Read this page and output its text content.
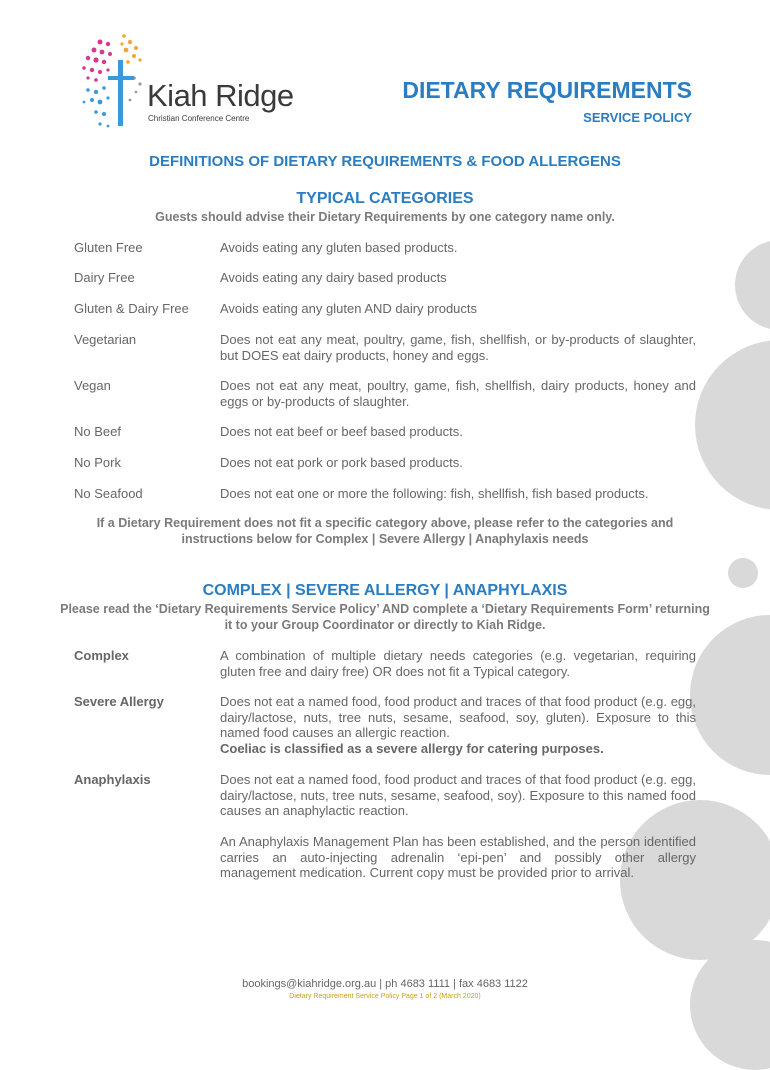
Kiah Ridge
Christian Conference Centre
DIETARY REQUIREMENTS
SERVICE POLICY
DEFINITIONS OF DIETARY REQUIREMENTS & FOOD ALLERGENS
TYPICAL CATEGORIES
Guests should advise their Dietary Requirements by one category name only.
Gluten Free	Avoids eating any gluten based products.
Dairy Free	Avoids eating any dairy based products
Gluten & Dairy Free	Avoids eating any gluten AND dairy products
Vegetarian	Does not eat any meat, poultry, game, fish, shellfish, or by-products of slaughter, but DOES eat dairy products, honey and eggs.
Vegan	Does not eat any meat, poultry, game, fish, shellfish, dairy products, honey and eggs or by-products of slaughter.
No Beef	Does not eat beef or beef based products.
No Pork	Does not eat pork or pork based products.
No Seafood	Does not eat one or more the following: fish, shellfish, fish based products.
If a Dietary Requirement does not fit a specific category above, please refer to the categories and instructions below for Complex | Severe Allergy | Anaphylaxis needs
COMPLEX | SEVERE ALLERGY | ANAPHYLAXIS
Please read the ‘Dietary Requirements Service Policy’ AND complete a ‘Dietary Requirements Form’ returning it to your Group Coordinator or directly to Kiah Ridge.
Complex	A combination of multiple dietary needs categories (e.g. vegetarian, requiring gluten free and dairy free) OR does not fit a Typical category.
Severe Allergy	Does not eat a named food, food product and traces of that food product (e.g. egg, dairy/lactose, nuts, tree nuts, sesame, seafood, soy, gluten). Exposure to this named food causes an allergic reaction.
Coeliac is classified as a severe allergy for catering purposes.
Anaphylaxis	Does not eat a named food, food product and traces of that food product (e.g. egg, dairy/lactose, nuts, tree nuts, sesame, seafood, soy). Exposure to this named food causes an anaphylactic reaction.
An Anaphylaxis Management Plan has been established, and the person identified carries an auto-injecting adrenalin ‘epi-pen’ and possibly other allergy management medication. Current copy must be provided prior to arrival.
bookings@kiahridge.org.au | ph 4683 1111 | fax 4683 1122
Dietary Requirement Service Policy Page 1 of 2 (March 2020)
